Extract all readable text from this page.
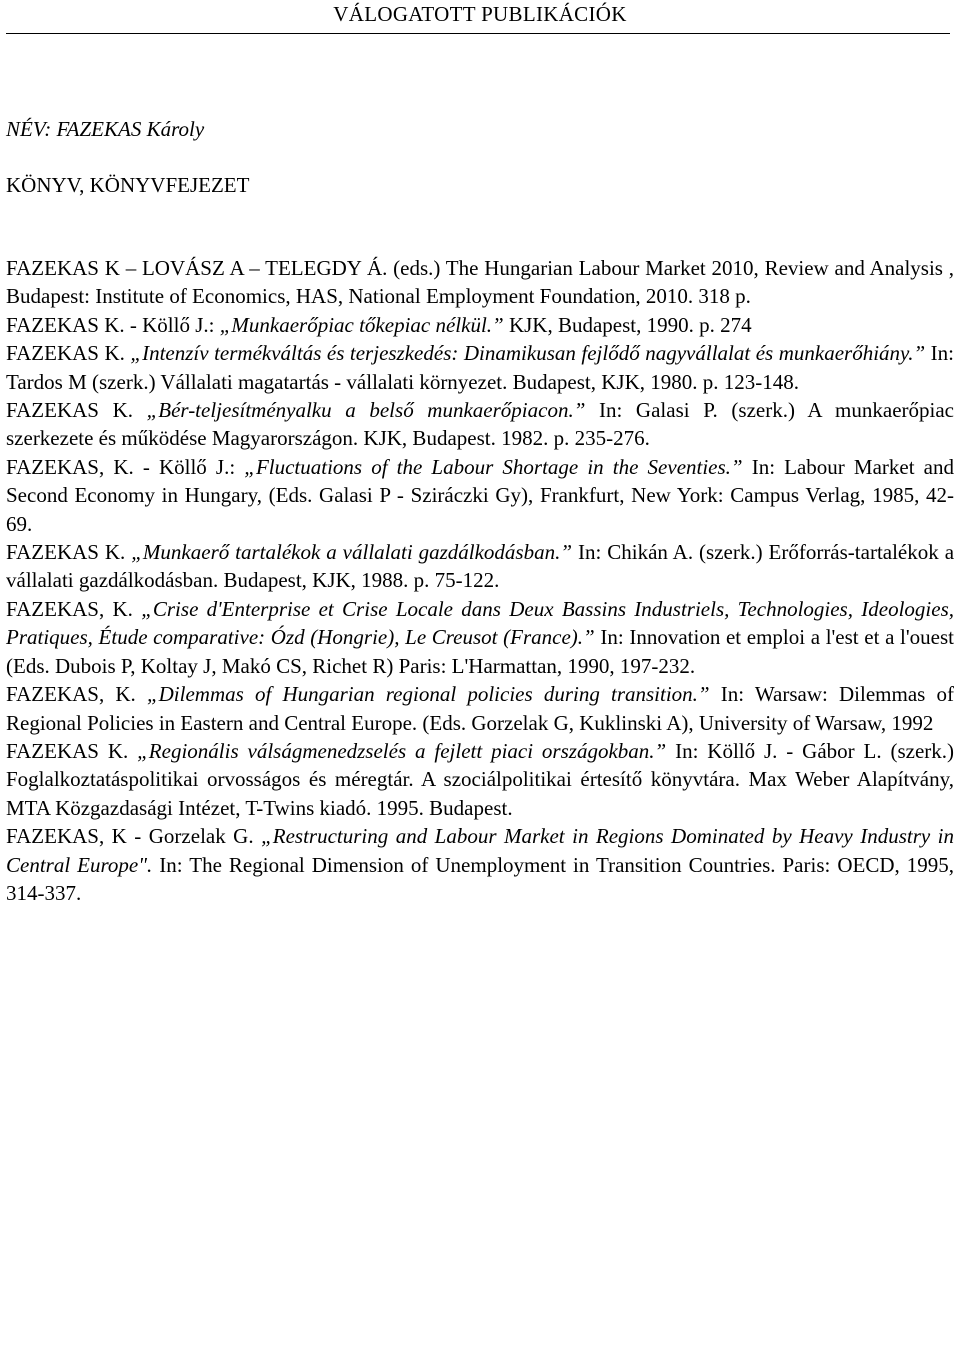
VÁLOGATOTT PUBLIKÁCIÓK
NÉV: FAZEKAS Károly
KÖNYV, KÖNYVFEJEZET

FAZEKAS K – LOVÁSZ A – TELEGDY Á. (eds.) The Hungarian Labour Market 2010, Review and Analysis , Budapest: Institute of Economics, HAS, National Employment Foundation, 2010. 318 p.

FAZEKAS K. - Köllő J.: „Munkaerőpiac tőkepiac nélkül.” KJK, Budapest, 1990. p. 274

FAZEKAS K. „Intenzív termékváltás és terjeszkedés: Dinamikusan fejlődő nagyvállalat és munkaerőhiány.” In: Tardos M (szerk.) Vállalati magatartás - vállalati környezet. Budapest, KJK, 1980. p. 123-148.

FAZEKAS K. „Bér-teljesítményalku a belső munkaerőpiacon.” In: Galasi P. (szerk.) A munkaerőpiac szerkezete és működése Magyarországon. KJK, Budapest. 1982. p. 235-276.

FAZEKAS, K. - Köllő J.: „Fluctuations of the Labour Shortage in the Seventies.” In: Labour Market and Second Economy in Hungary, (Eds. Galasi P - Sziráczki Gy), Frankfurt, New York: Campus Verlag, 1985, 42-69.

FAZEKAS K. „Munkaerő tartalékok a vállalati gazdálkodásban.” In: Chikán A. (szerk.) Erőforrás-tartalékok a vállalati gazdálkodásban. Budapest, KJK, 1988. p. 75-122.

FAZEKAS, K. „Crise d'Enterprise et Crise Locale dans Deux Bassins Industriels, Technologies, Ideologies, Pratiques, Étude comparative: Ózd (Hongrie), Le Creusot (France).” In: Innovation et emploi a l'est et a l'ouest (Eds. Dubois P, Koltay J, Makó CS, Richet R) Paris: L'Harmattan, 1990, 197-232.

FAZEKAS, K. „Dilemmas of Hungarian regional policies during transition.” In: Warsaw: Dilemmas of Regional Policies in Eastern and Central Europe. (Eds. Gorzelak G, Kuklinski A), University of Warsaw, 1992

FAZEKAS K. „Regionális válságmenedzselés a fejlett piaci országokban.” In: Köllő J. - Gábor L. (szerk.) Foglalkoztatáspolitikai orvosságos és méregtár. A szociálpolitikai értesítő könyvtára. Max Weber Alapítvány, MTA Közgazdasági Intézet, T-Twins kiadó. 1995. Budapest.

FAZEKAS, K - Gorzelak G. „Restructuring and Labour Market in Regions Dominated by Heavy Industry in Central Europe". In: The Regional Dimension of Unemployment in Transition Countries. Paris: OECD, 1995, 314-337.
